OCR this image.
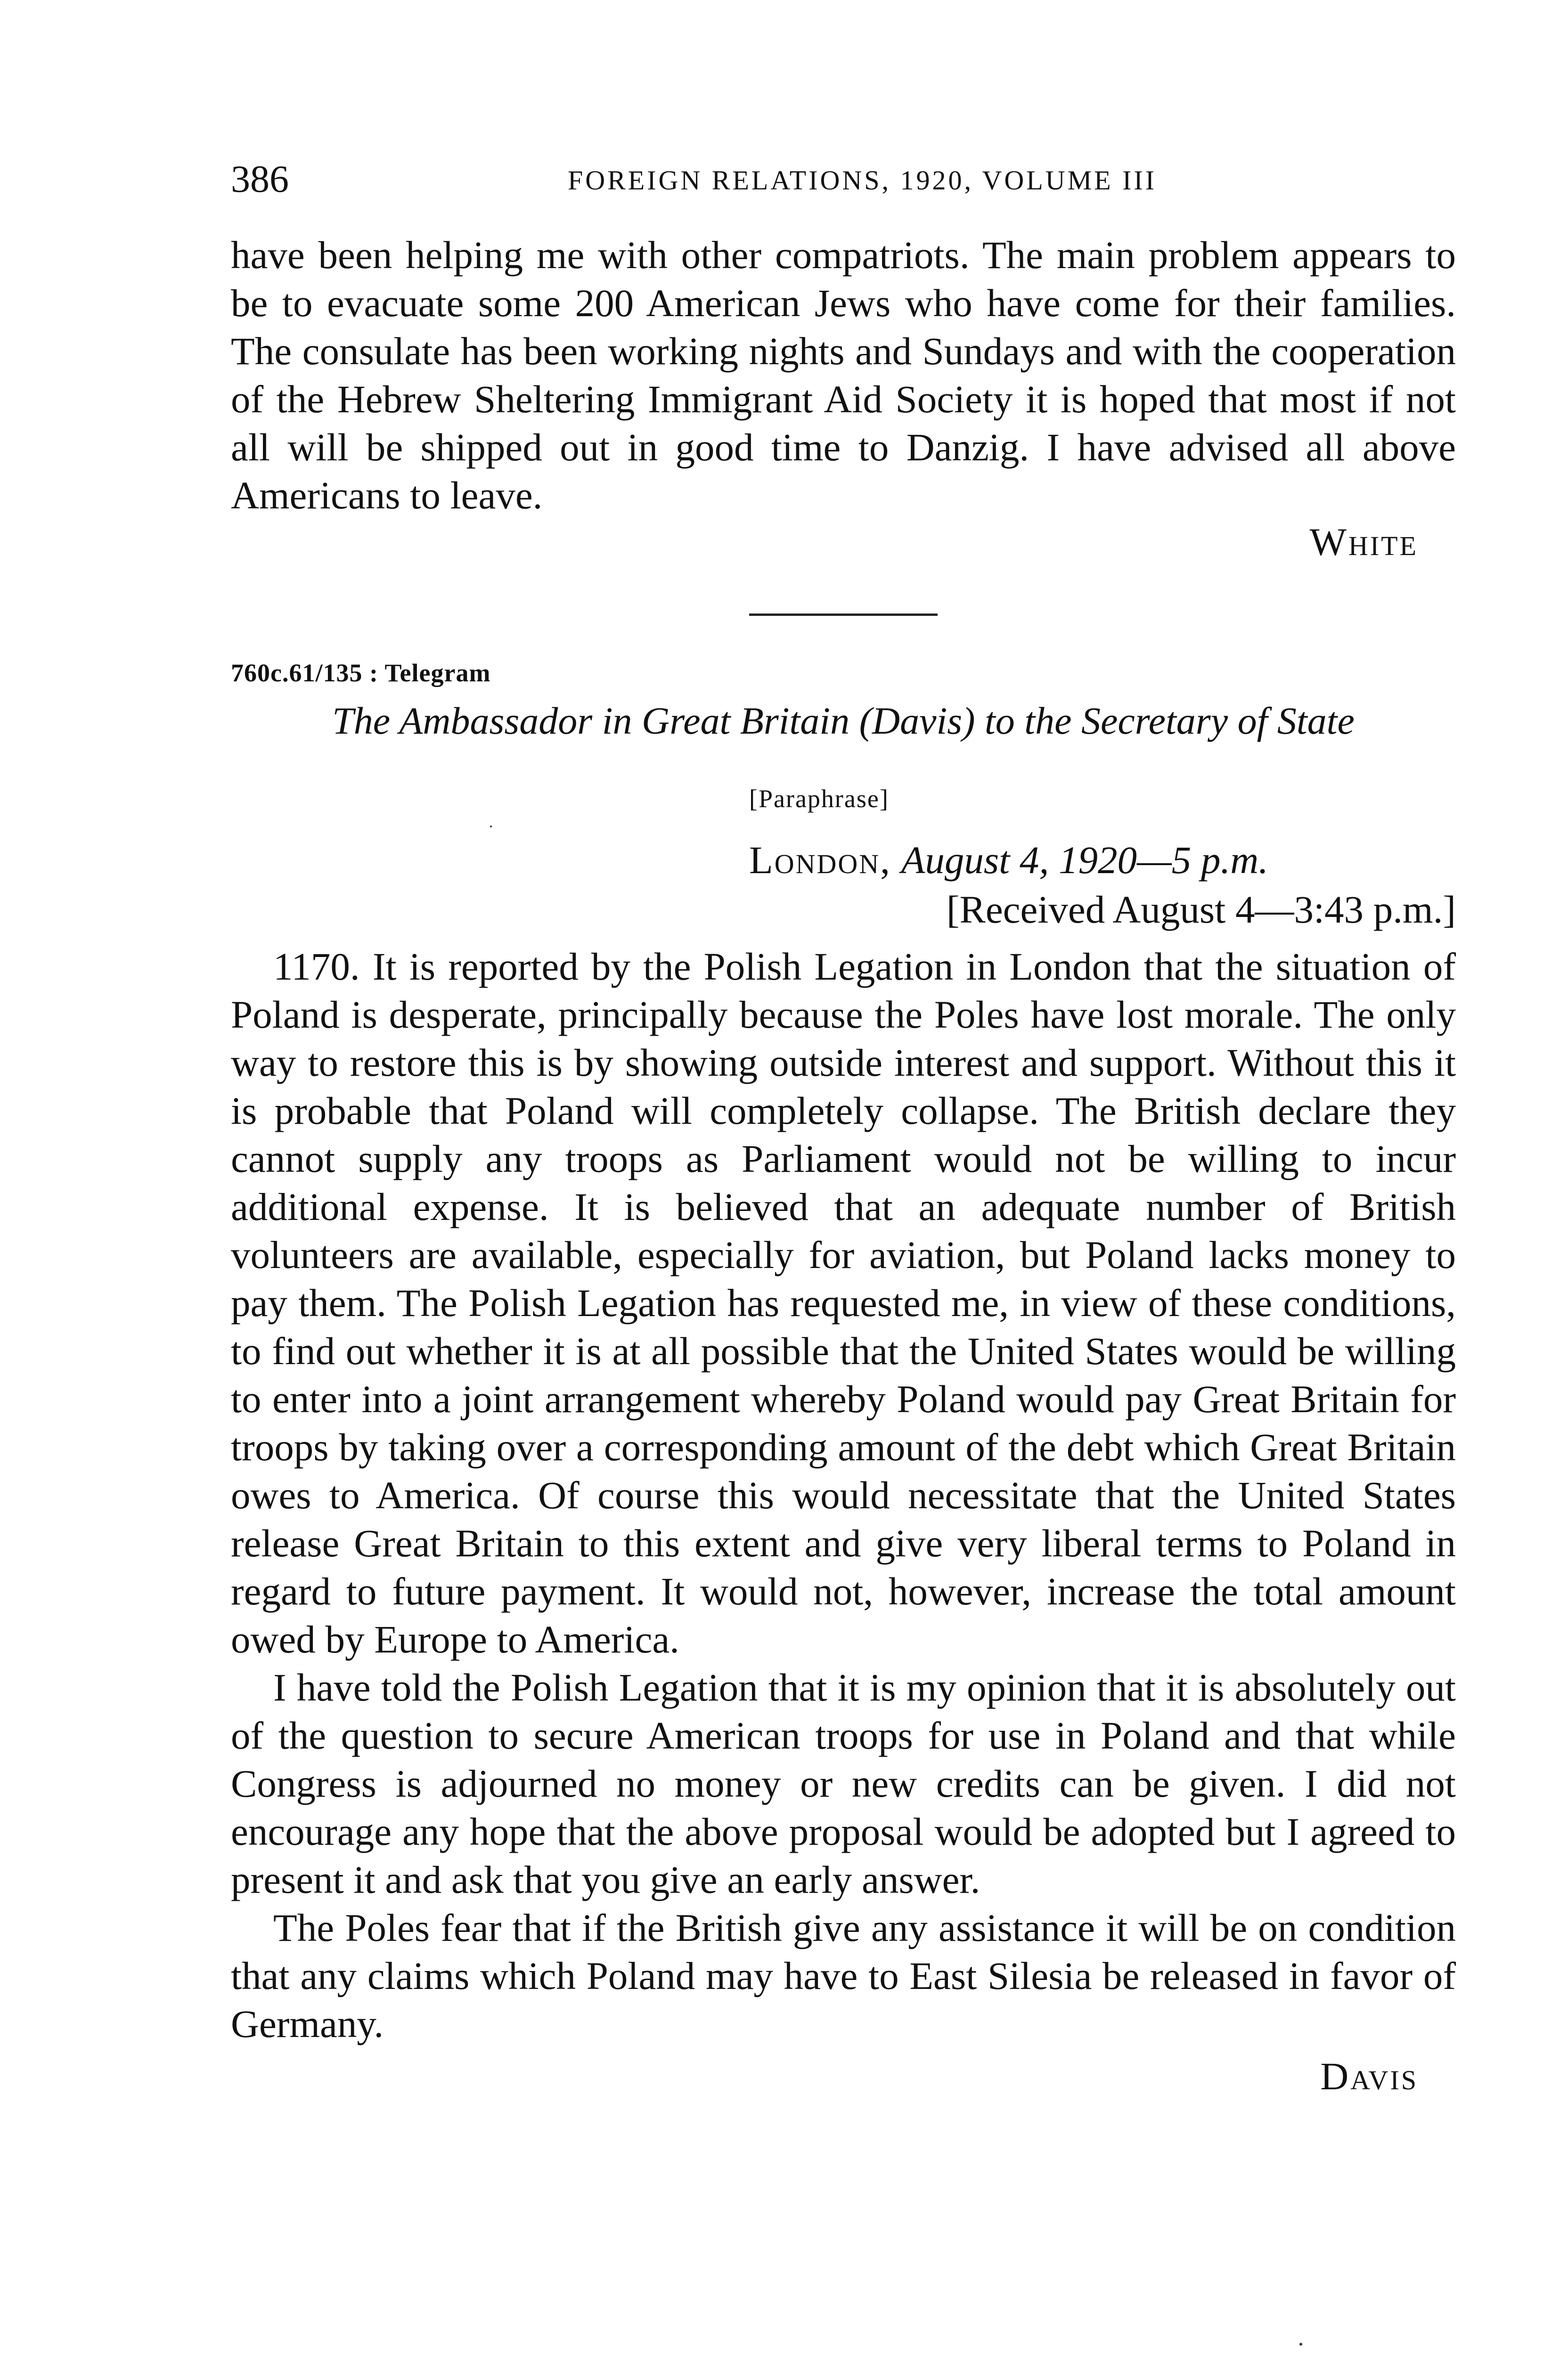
386	FOREIGN RELATIONS, 1920, VOLUME III

have been helping me with other compatriots. The main problem appears to be to evacuate some 200 American Jews who have come for their families. The consulate has been working nights and Sundays and with the cooperation of the Hebrew Sheltering Immigrant Aid Society it is hoped that most if not all will be shipped out in good time to Danzig. I have advised all above Americans to leave.

White
760c.61/135 : Telegram
The Ambassador in Great Britain (Davis) to the Secretary of State
[Paraphrase]
London, August 4, 1920—5 p.m.
[Received August 4—3:43 p.m.]

1170. It is reported by the Polish Legation in London that the situation of Poland is desperate, principally because the Poles have lost morale. The only way to restore this is by showing outside interest and support. Without this it is probable that Poland will completely collapse. The British declare they cannot supply any troops as Parliament would not be willing to incur additional expense. It is believed that an adequate number of British volunteers are available, especially for aviation, but Poland lacks money to pay them. The Polish Legation has requested me, in view of these conditions, to find out whether it is at all possible that the United States would be willing to enter into a joint arrangement whereby Poland would pay Great Britain for troops by taking over a corresponding amount of the debt which Great Britain owes to America. Of course this would necessitate that the United States release Great Britain to this extent and give very liberal terms to Poland in regard to future payment. It would not, however, increase the total amount owed by Europe to America.

I have told the Polish Legation that it is my opinion that it is absolutely out of the question to secure American troops for use in Poland and that while Congress is adjourned no money or new credits can be given. I did not encourage any hope that the above proposal would be adopted but I agreed to present it and ask that you give an early answer.

The Poles fear that if the British give any assistance it will be on condition that any claims which Poland may have to East Silesia be released in favor of Germany.

Davis
